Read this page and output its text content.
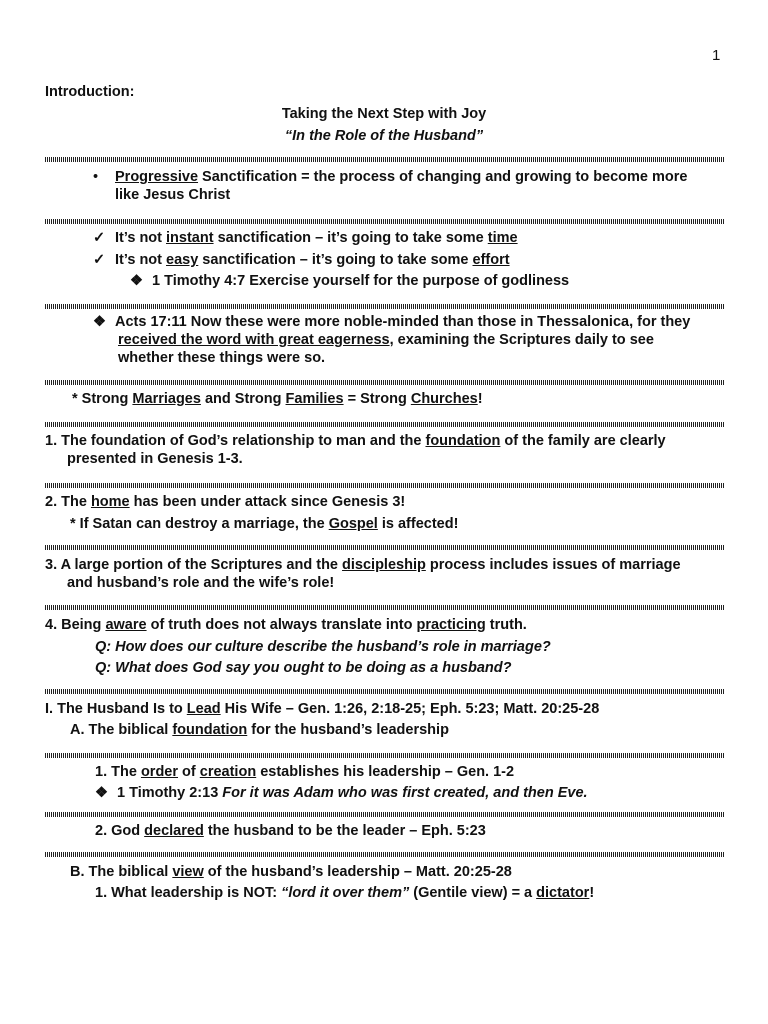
1
Introduction:
Taking the Next Step with Joy
“In the Role of the Husband”
• Progressive Sanctification = the process of changing and growing to become more
like Jesus Christ
✓ It’s not instant sanctification – it’s going to take some time
✓ It’s not easy sanctification – it’s going to take some effort
❖ 1 Timothy 4:7 Exercise yourself for the purpose of godliness
❖ Acts 17:11 Now these were more noble-minded than those in Thessalonica, for they
received the word with great eagerness, examining the Scriptures daily to see
whether these things were so.
* Strong Marriages and Strong Families = Strong Churches!
1. The foundation of God’s relationship to man and the foundation of the family are clearly
presented in Genesis 1-3.
2. The home has been under attack since Genesis 3!
* If Satan can destroy a marriage, the Gospel is affected!
3. A large portion of the Scriptures and the discipleship process includes issues of marriage
and husband’s role and the wife’s role!
4. Being aware of truth does not always translate into practicing truth.
Q: How does our culture describe the husband’s role in marriage?
Q: What does God say you ought to be doing as a husband?
I. The Husband Is to Lead His Wife – Gen. 1:26, 2:18-25; Eph. 5:23; Matt. 20:25-28
A. The biblical foundation for the husband’s leadership
1. The order of creation establishes his leadership – Gen. 1-2
❖ 1 Timothy 2:13 For it was Adam who was first created, and then Eve.
2. God declared the husband to be the leader – Eph. 5:23
B. The biblical view of the husband’s leadership – Matt. 20:25-28
1. What leadership is NOT: “lord it over them” (Gentile view) = a dictator!
